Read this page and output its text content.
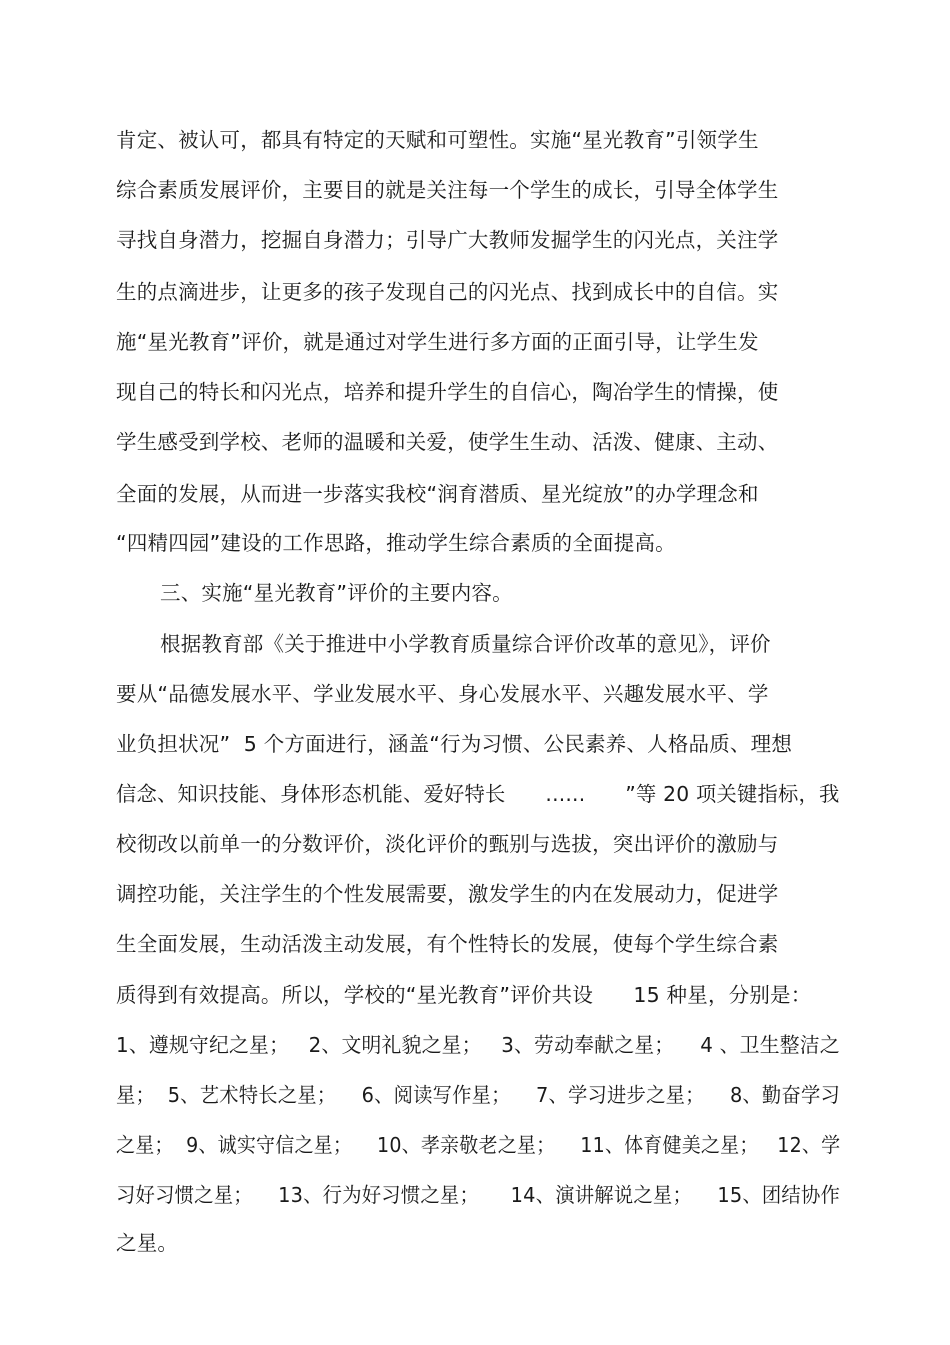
肯定、被认可，都具有特定的天赋和可塑性。实施“星光教育”引领学生
综合素质发展评价，主要目的就是关注每一个学生的成长，引导全体学生
寻找自身潜力，挖掘自身潜力；引导广大教师发掘学生的闪光点，关注学
生的点滴进步，让更多的孩子发现自己的闪光点、找到成长中的自信。实
施“星光教育”评价，就是通过对学生进行多方面的正面引导，让学生发
现自己的特长和闪光点，培养和提升学生的自信心，陶冶学生的情操，使
学生感受到学校、老师的温暖和关爱，使学生生动、活泼、健康、主动、
全面的发展，从而进一步落实我校“润育潜质、星光绽放”的办学理念和
“四精四园”建设的工作思路，推动学生综合素质的全面提高。
三、实施“星光教育”评价的主要内容。
根据教育部《关于推进中小学教育质量综合评价改革的意见》，评价
要从“品德发展水平、学业发展水平、身心发展水平、兴趣发展水平、学
业负担状况”  5 个方面进行，涵盖“行为习惯、公民素养、人格品质、理想
信念、知识技能、身体形态机能、爱好特长      ......      ”等 20 项关键指标，我
校彻改以前单一的分数评价，淡化评价的甄别与选拔，突出评价的激励与
调控功能，关注学生的个性发展需要，激发学生的内在发展动力，促进学
生全面发展，生动活泼主动发展，有个性特长的发展，使每个学生综合素
质得到有效提高。所以，学校的“星光教育”评价共设      15 种星，分别是：
1、遵规守纪之星；   2、文明礼貌之星；   3、劳动奉献之星；    4 、卫生整洁之
星；  5、艺术特长之星；    6、阅读写作星；    7、学习进步之星；    8、勤奋学习
之星；  9、诚实守信之星；    10、孝亲敬老之星；    11、体育健美之星；   12、学
习好习惯之星；    13、行为好习惯之星；     14、演讲解说之星；    15、团结协作
之星。
